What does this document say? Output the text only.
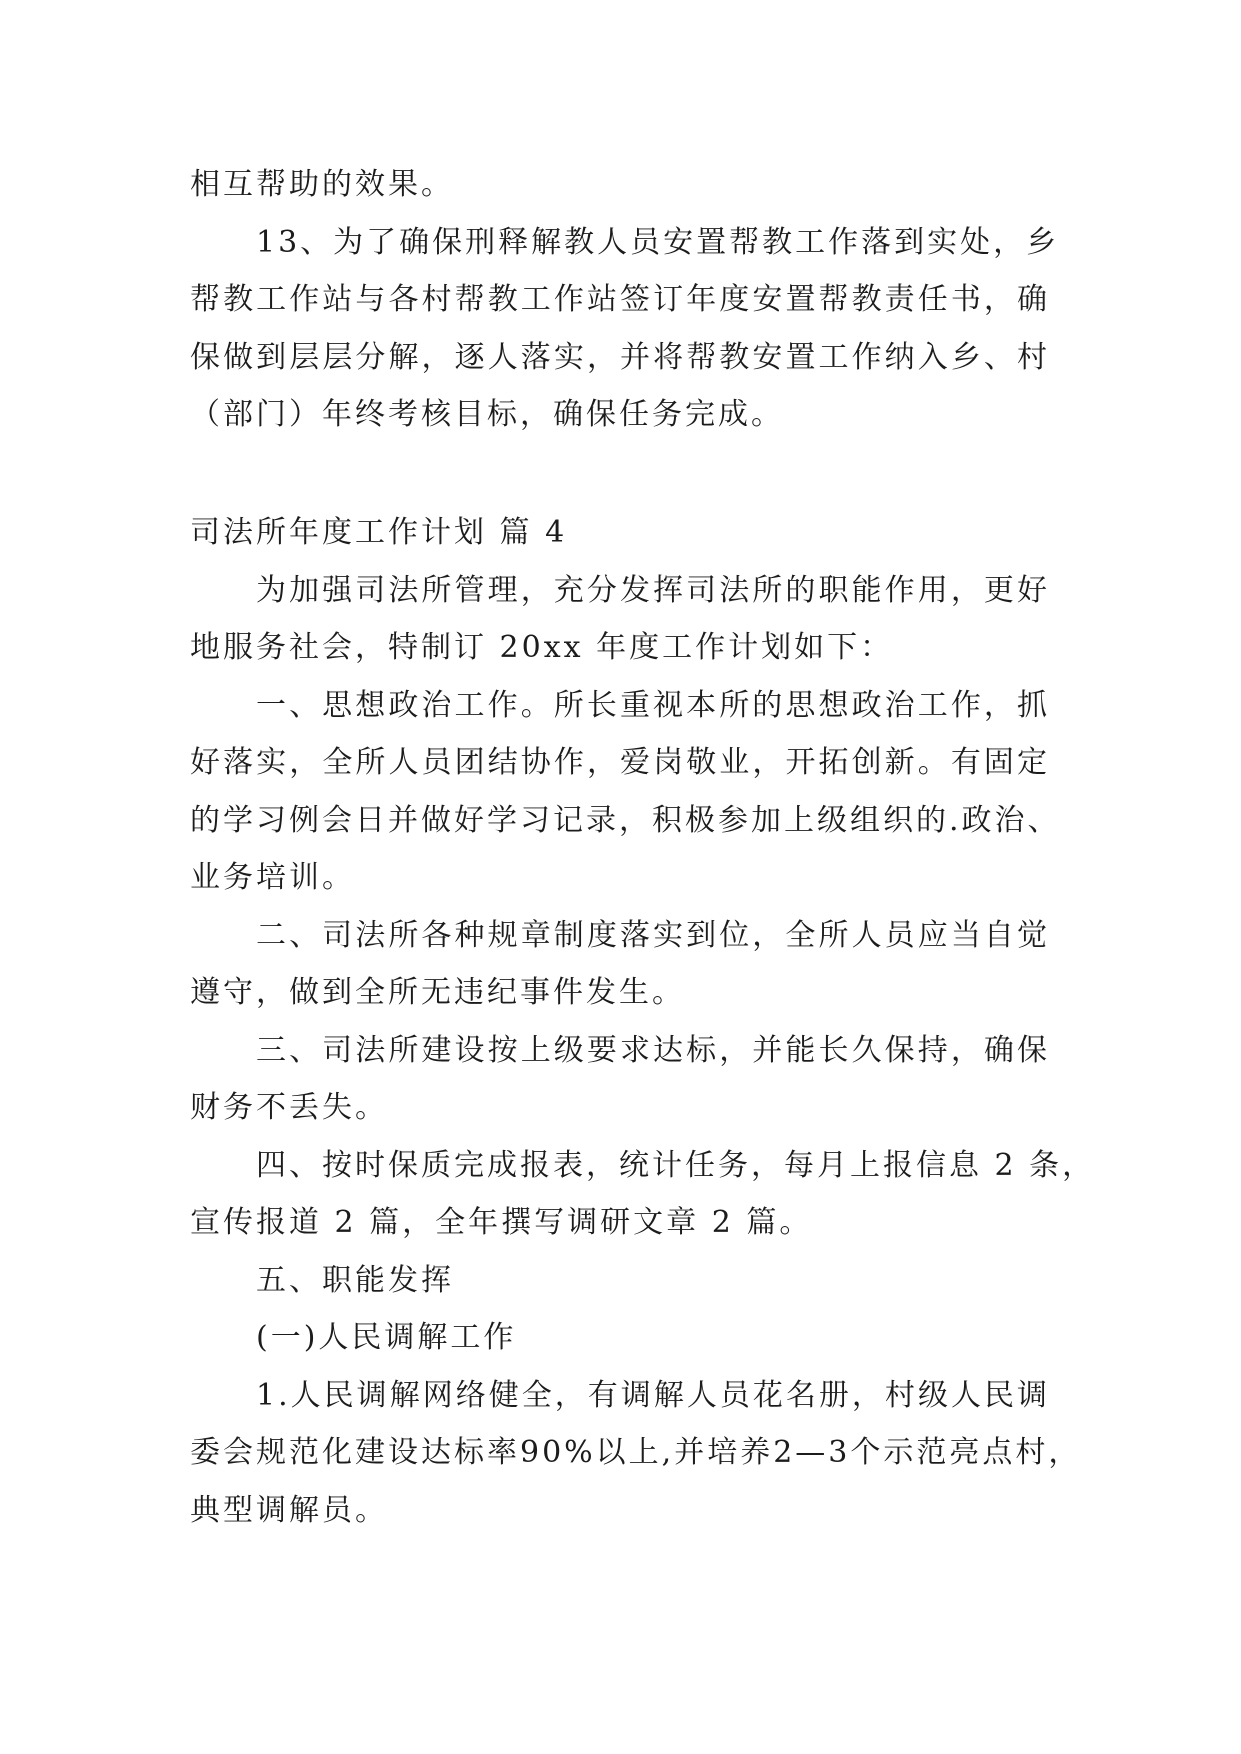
相互帮助的效果。
13、为了确保刑释解教人员安置帮教工作落到实处，乡
帮教工作站与各村帮教工作站签订年度安置帮教责任书，确
保做到层层分解，逐人落实，并将帮教安置工作纳入乡、村
（部门）年终考核目标，确保任务完成。
司法所年度工作计划 篇 4
为加强司法所管理，充分发挥司法所的职能作用，更好
地服务社会，特制订 20xx 年度工作计划如下：
一、思想政治工作。所长重视本所的思想政治工作，抓
好落实，全所人员团结协作，爱岗敬业，开拓创新。有固定
的学习例会日并做好学习记录，积极参加上级组织的.政治、
业务培训。
二、司法所各种规章制度落实到位，全所人员应当自觉
遵守，做到全所无违纪事件发生。
三、司法所建设按上级要求达标，并能长久保持，确保
财务不丢失。
四、按时保质完成报表，统计任务，每月上报信息 2 条，
宣传报道 2 篇，全年撰写调研文章 2 篇。
五、职能发挥
(一)人民调解工作
1.人民调解网络健全，有调解人员花名册，村级人民调
委会规范化建设达标率90%以上,并培养2—3个示范亮点村，
典型调解员。
